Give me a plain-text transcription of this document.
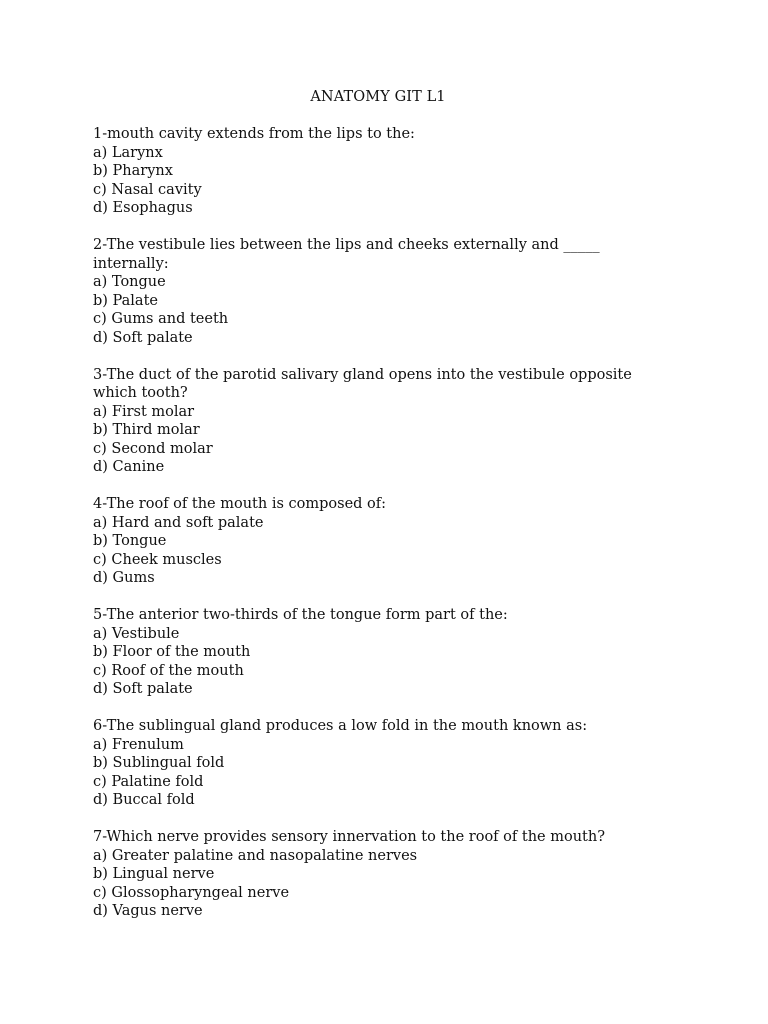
ANATOMY GIT L1
1-mouth cavity extends from the lips to the:
a) Larynx
b) Pharynx
c) Nasal cavity
d) Esophagus
2-The vestibule lies between the lips and cheeks externally and _____ internally:
a) Tongue
b) Palate
c) Gums and teeth
d) Soft palate
3-The duct of the parotid salivary gland opens into the vestibule opposite which tooth?
a) First molar
b) Third molar
c) Second molar
d) Canine
4-The roof of the mouth is composed of:
a) Hard and soft palate
b) Tongue
c) Cheek muscles
d) Gums
5-The anterior two-thirds of the tongue form part of the:
a) Vestibule
b) Floor of the mouth
c) Roof of the mouth
d) Soft palate
6-The sublingual gland produces a low fold in the mouth known as:
a) Frenulum
b) Sublingual fold
c) Palatine fold
d) Buccal fold
7-Which nerve provides sensory innervation to the roof of the mouth?
a) Greater palatine and nasopalatine nerves
b) Lingual nerve
c) Glossopharyngeal nerve
d) Vagus nerve
